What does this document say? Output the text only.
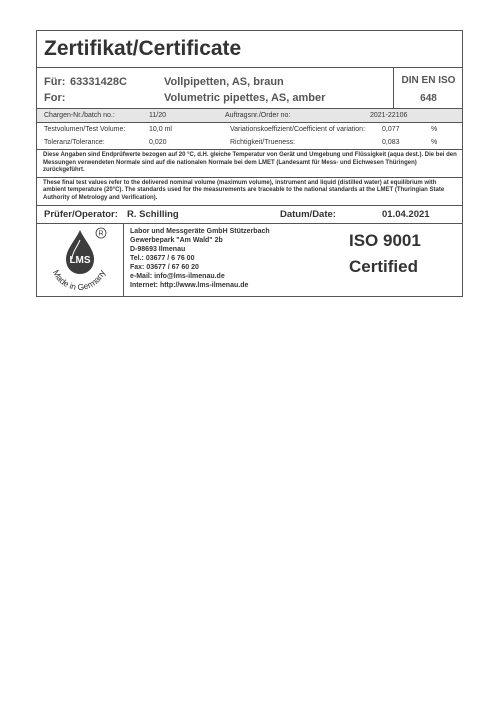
Zertifikat/Certificate
Für: 63331428C	Vollpipetten, AS, braun
For:	Volumetric pipettes, AS, amber
DIN EN ISO
648
Chargen-Nr./batch no.:	11/20	Auftragsnr./Order no:	2021-22106
Testvolumen/Test Volume:	10,0 ml	Variationskoeffizient/Coefficient of variation: 0,077	%
Toleranz/Tolerance:	0,020	Richtigkeit/Trueness:	0,083	%
Diese Angaben sind Endprüfwerte bezogen auf 20 °C, d.H. gleiche Temperatur von Gerät und Umgebung und Flüssigkeit (aqua dest.). Die bei den Messungen verwendeten Normale sind auf die nationalen Normale bei dem LMET (Landesamt für Mess- und Eichwesen Thüringen) zurückgeführt.
These final test values refer to the delivered nominal volume (maximum volume), instrument and liquid (distilled water) at equilibrium with ambient temperature (20°C). The standards used for the measurements are traceable to the national standards at the LMET (Thuringian State Authority of Metrology and Verification).
Prüfer/Operator: R. Schilling	Datum/Date:	01.04.2021
LMS
R
Made in Germany
Labor und Messgeräte GmbH Stützerbach
Gewerbepark "Am Wald" 2b
D-98693 Ilmenau
Tel.: 03677 / 6 76 00
Fax: 03677 / 67 60 20
e-Mail: info@lms-ilmenau.de
Internet: http://www.lms-ilmenau.de
ISO 9001
Certified
